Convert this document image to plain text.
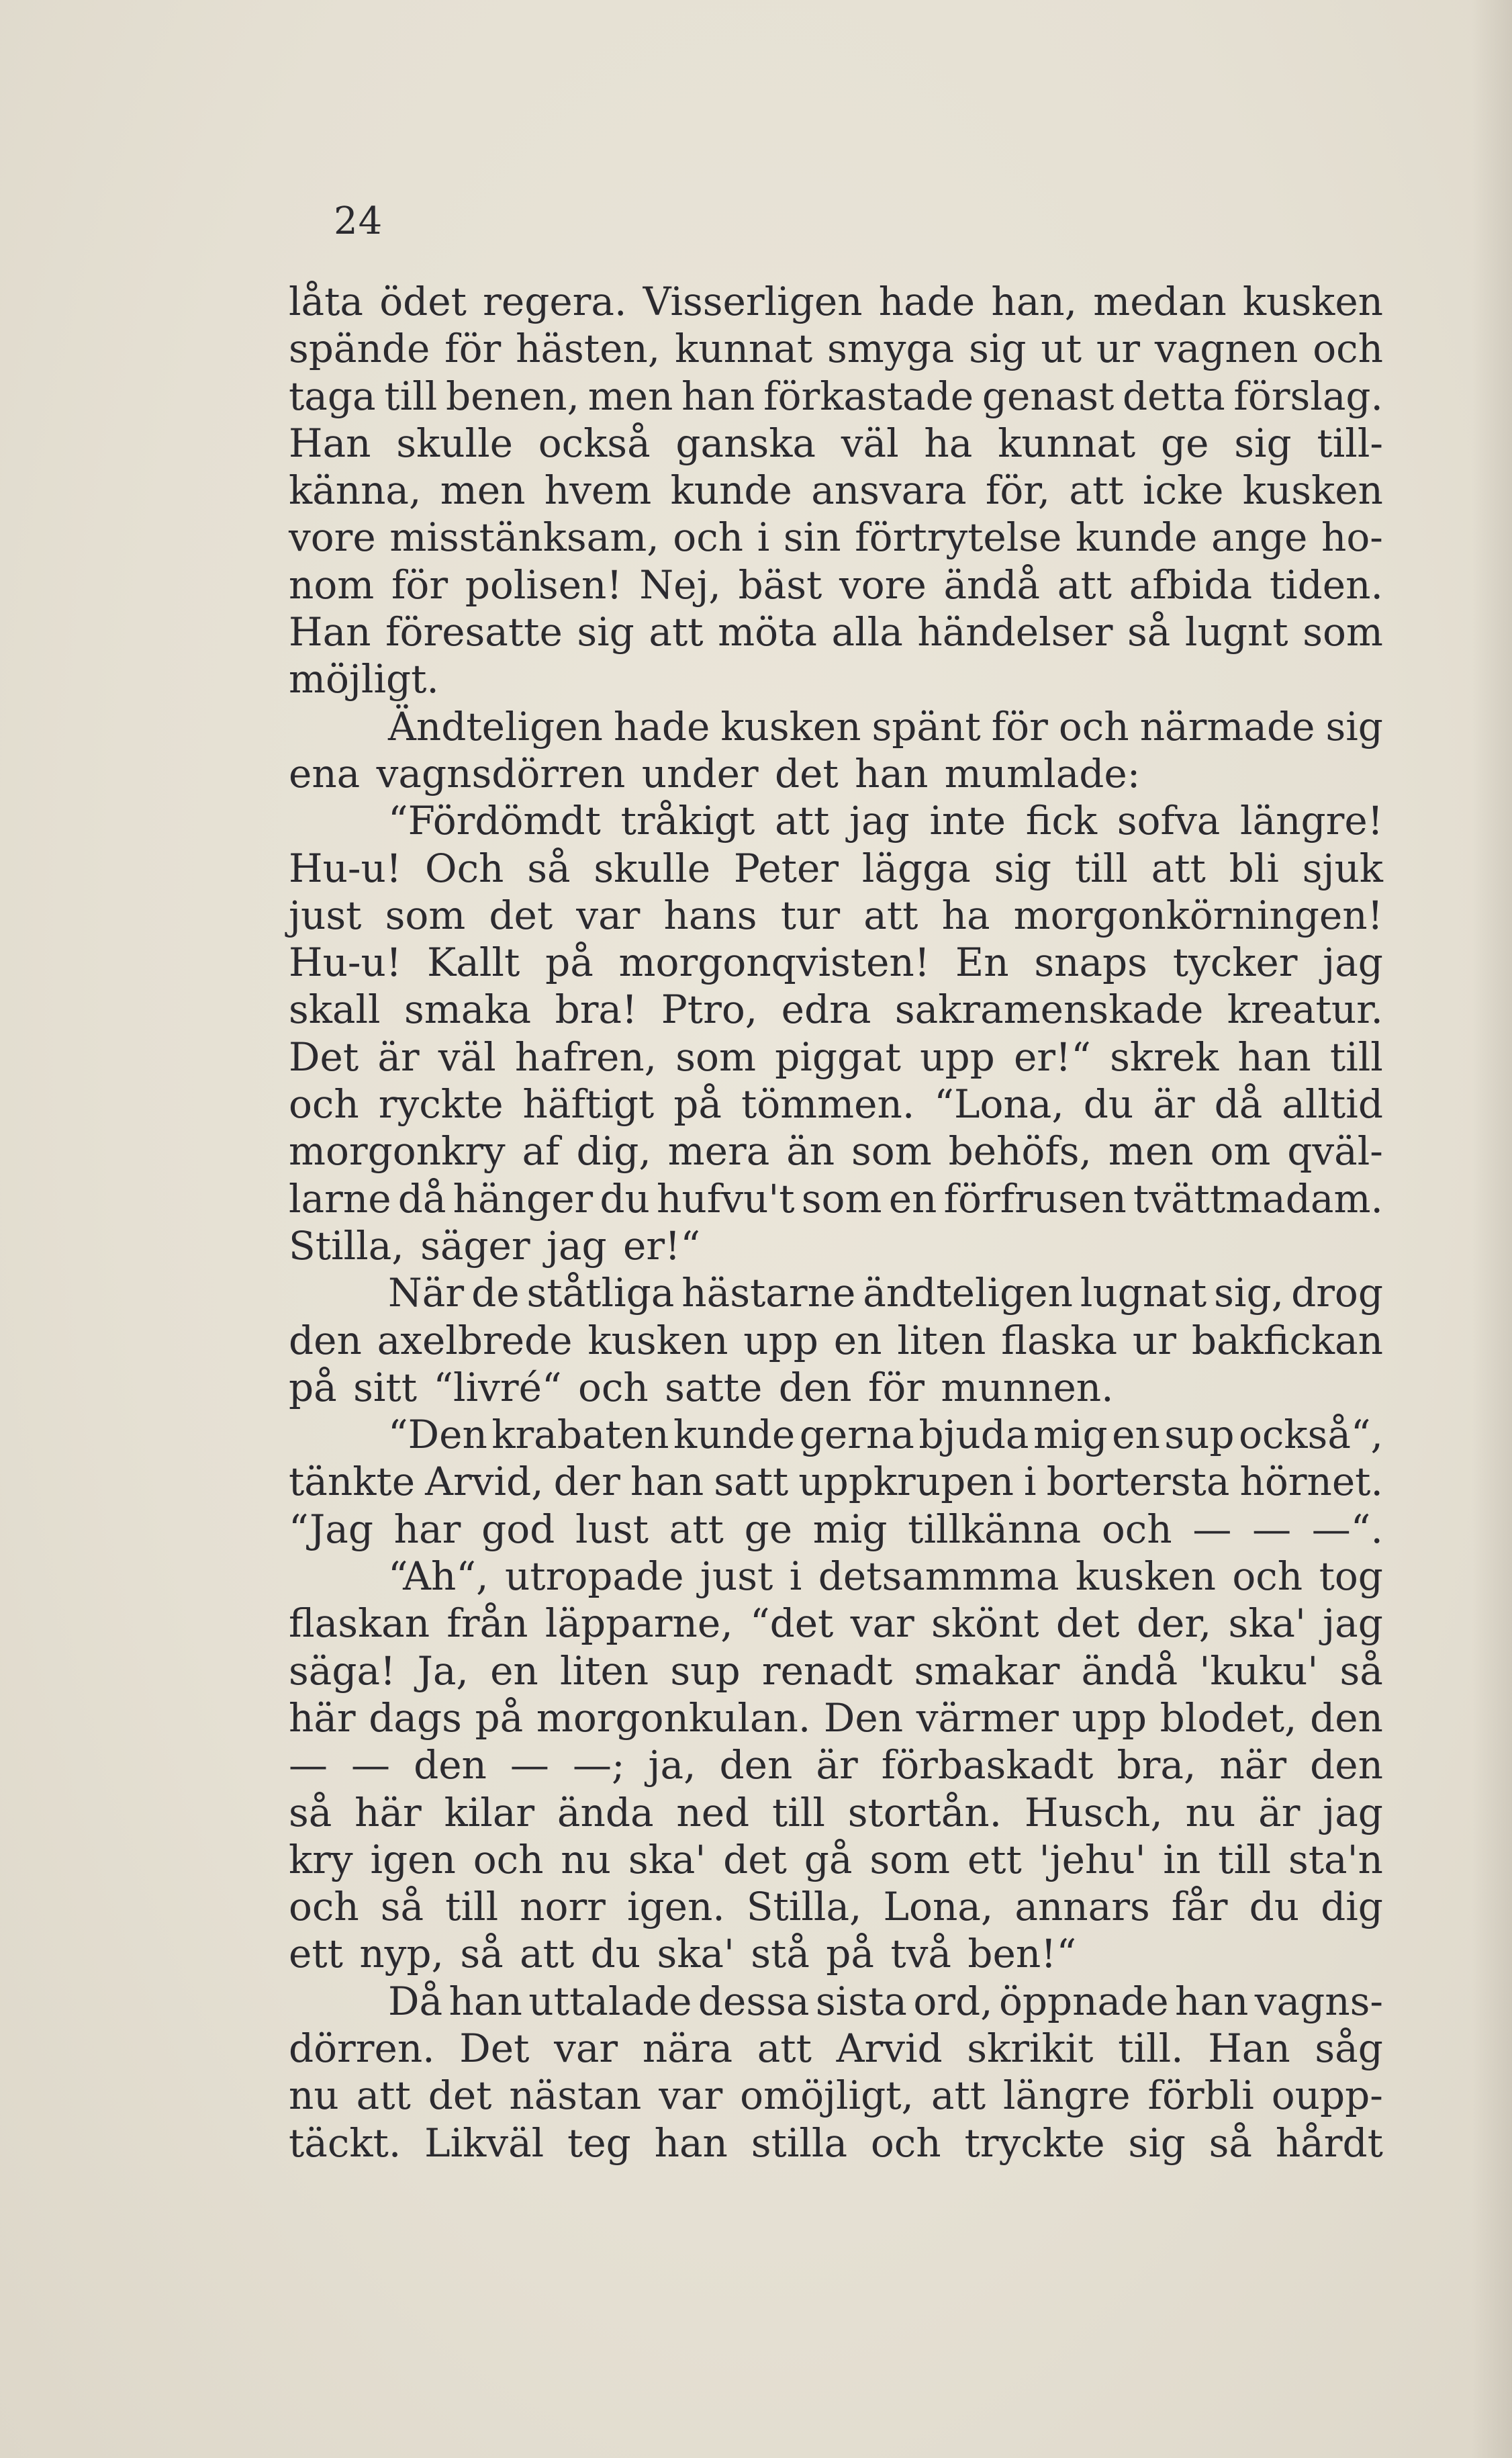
24
låta ödet regera. Visserligen hade han, medan kusken
spände för hästen, kunnat smyga sig ut ur vagnen och
taga till benen, men han förkastade genast detta förslag.
Han skulle också ganska väl ha kunnat ge sig till-
känna, men hvem kunde ansvara för, att icke kusken
vore misstänksam, och i sin förtrytelse kunde ange ho-
nom för polisen! Nej, bäst vore ändå att afbida tiden.
Han föresatte sig att möta alla händelser så lugnt som
möjligt.
Ändteligen hade kusken spänt för och närmade sig
ena vagnsdörren under det han mumlade:
“Fördömdt tråkigt att jag inte fick sofva längre!
Hu-u! Och så skulle Peter lägga sig till att bli sjuk
just som det var hans tur att ha morgonkörningen!
Hu-u! Kallt på morgonqvisten! En snaps tycker jag
skall smaka bra! Ptro, edra sakramenskade kreatur.
Det är väl hafren, som piggat upp er!“ skrek han till
och ryckte häftigt på tömmen. “Lona, du är då alltid
morgonkry af dig, mera än som behöfs, men om qväl-
larne då hänger du hufvu't som en förfrusen tvättmadam.
Stilla, säger jag er!“
När de ståtliga hästarne ändteligen lugnat sig, drog
den axelbrede kusken upp en liten flaska ur bakfickan
på sitt “livré“ och satte den för munnen.
“Den krabaten kunde gerna bjuda mig en sup också“,
tänkte Arvid, der han satt uppkrupen i bortersta hörnet.
“Jag har god lust att ge mig tillkänna och — — —“.
“Ah“, utropade just i detsammma kusken och tog
flaskan från läpparne, “det var skönt det der, ska' jag
säga! Ja, en liten sup renadt smakar ändå 'kuku' så
här dags på morgonkulan. Den värmer upp blodet, den
— — den — —; ja, den är förbaskadt bra, när den
så här kilar ända ned till stortån. Husch, nu är jag
kry igen och nu ska' det gå som ett 'jehu' in till sta'n
och så till norr igen. Stilla, Lona, annars får du dig
ett nyp, så att du ska' stå på två ben!“
Då han uttalade dessa sista ord, öppnade han vagns-
dörren. Det var nära att Arvid skrikit till. Han såg
nu att det nästan var omöjligt, att längre förbli oupp-
täckt. Likväl teg han stilla och tryckte sig så hårdt
